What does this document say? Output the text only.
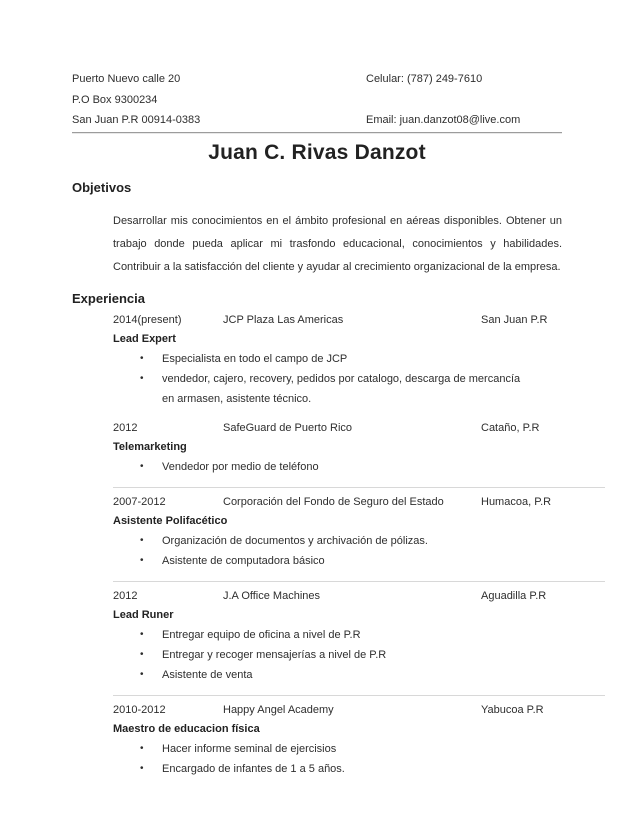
Puerto Nuevo calle 20
P.O Box 9300234
San Juan P.R 00914-0383
Celular: (787) 249-7610
Email: juan.danzot08@live.com
Juan C. Rivas Danzot
Objetivos

Desarrollar mis conocimientos en el ámbito profesional en aéreas disponibles. Obtener un trabajo donde pueda aplicar mi trasfondo educacional, conocimientos y habilidades. Contribuir a la satisfacción del cliente y ayudar al crecimiento organizacional de la empresa.

Experiencia
2014(present)	JCP Plaza Las Americas	San Juan P.R
Lead Expert
•	Especialista en todo el campo de JCP
•	vendedor, cajero, recovery, pedidos por catalogo, descarga de mercancía en armasen, asistente técnico.
2012	SafeGuard de Puerto Rico	Cataño, P.R
Telemarketing
•	Vendedor por medio de teléfono
2007-2012	Corporación del Fondo de Seguro del Estado	Humacoa, P.R
Asistente Polifacético
•	Organización de documentos y archivación de pólizas.
•	Asistente de computadora básico
2012	J.A Office Machines	Aguadilla P.R
Lead Runer
•	Entregar equipo de oficina a nivel de P.R
•	Entregar y recoger mensajerías a nivel de P.R
•	Asistente de venta
2010-2012	Happy Angel Academy	Yabucoa P.R
Maestro de educacion física
•	Hacer informe seminal de ejercisios
•	Encargado de infantes de 1 a 5 años.
